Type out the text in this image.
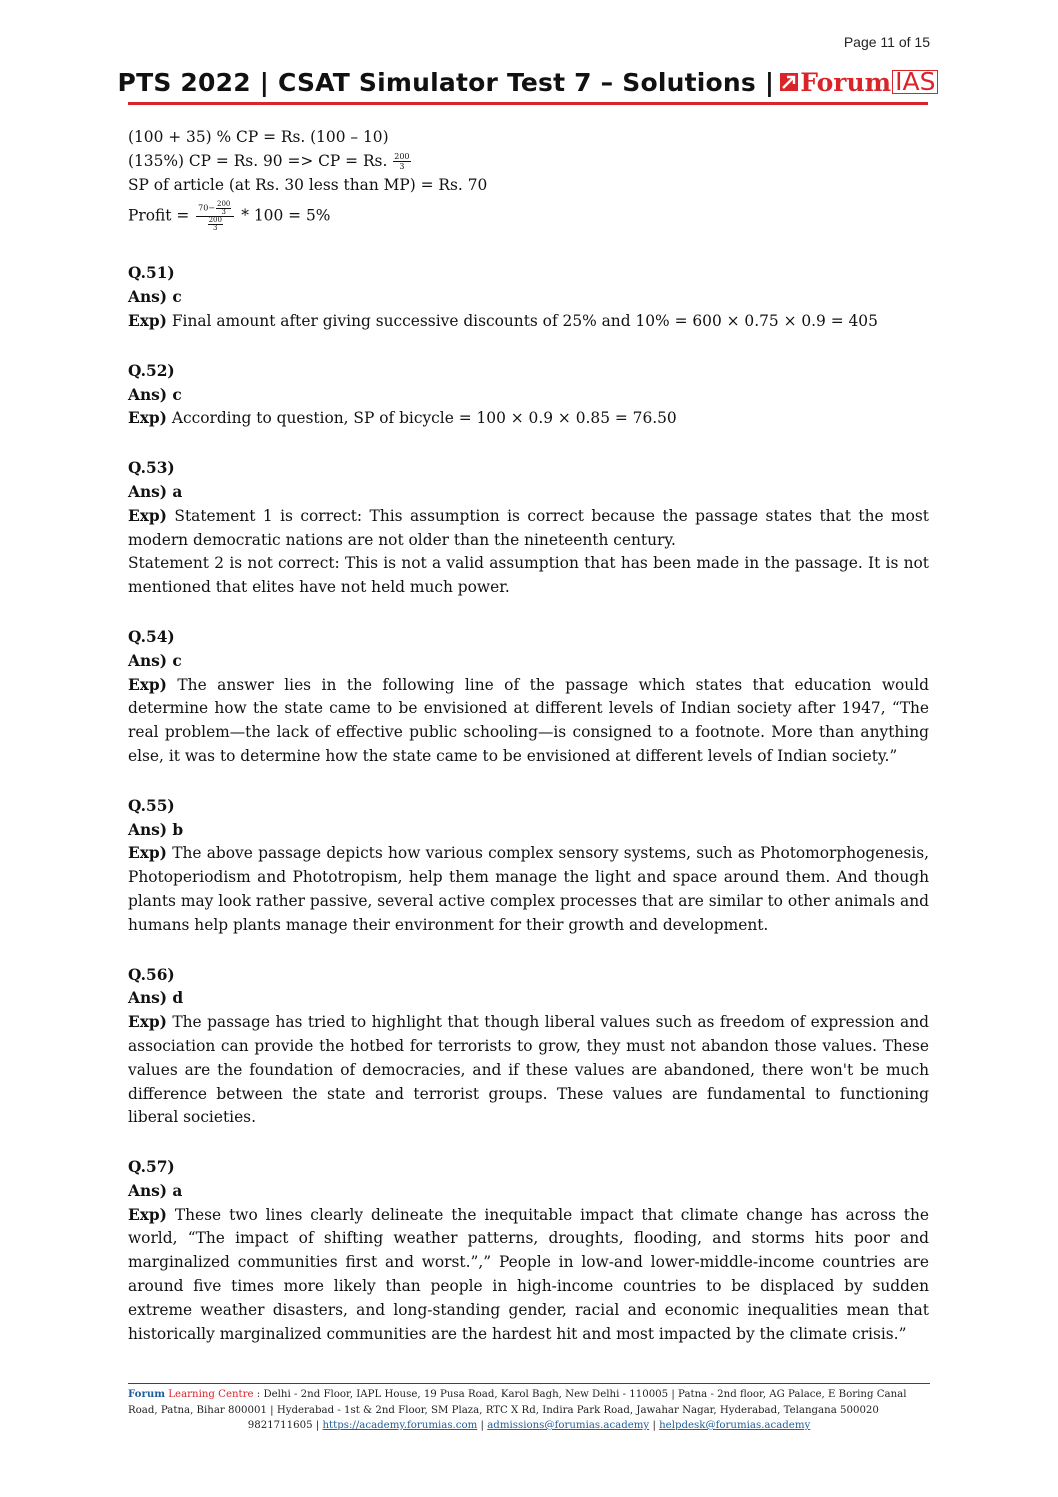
Page 11 of 15
PTS 2022 | CSAT Simulator Test 7 – Solutions | Forum IAS
(100 + 35) % CP = Rs. (100 – 10)
(135%) CP = Rs. 90 => CP = Rs. $\frac{200}{3}$
SP of article (at Rs. 30 less than MP) = Rs. 70
Profit = $\frac{70- \frac{200}{3}}{\frac{200}{3}} * 100 = 5\%$
Q.51)
Ans) c
Exp) Final amount after giving successive discounts of 25% and 10% = 600 × 0.75 × 0.9 = 405
Q.52)
Ans) c
Exp) According to question, SP of bicycle = 100 × 0.9 × 0.85 = 76.50
Q.53)
Ans) a
Exp) Statement 1 is correct: This assumption is correct because the passage states that the most modern democratic nations are not older than the nineteenth century.
Statement 2 is not correct: This is not a valid assumption that has been made in the passage. It is not mentioned that elites have not held much power.
Q.54)
Ans) c
Exp) The answer lies in the following line of the passage which states that education would determine how the state came to be envisioned at different levels of Indian society after 1947, “The real problem—the lack of effective public schooling—is consigned to a footnote. More than anything else, it was to determine how the state came to be envisioned at different levels of Indian society.”
Q.55)
Ans) b
Exp) The above passage depicts how various complex sensory systems, such as Photomorphogenesis, Photoperiodism and Phototropism, help them manage the light and space around them. And though plants may look rather passive, several active complex processes that are similar to other animals and humans help plants manage their environment for their growth and development.
Q.56)
Ans) d
Exp) The passage has tried to highlight that though liberal values such as freedom of expression and association can provide the hotbed for terrorists to grow, they must not abandon those values. These values are the foundation of democracies, and if these values are abandoned, there won't be much difference between the state and terrorist groups. These values are fundamental to functioning liberal societies.
Q.57)
Ans) a
Exp) These two lines clearly delineate the inequitable impact that climate change has across the world, “The impact of shifting weather patterns, droughts, flooding, and storms hits poor and marginalized communities first and worst.”,” People in low-and lower-middle-income countries are around five times more likely than people in high-income countries to be displaced by sudden extreme weather disasters, and long-standing gender, racial and economic inequalities mean that historically marginalized communities are the hardest hit and most impacted by the climate crisis.”
Forum Learning Centre : Delhi - 2nd Floor, IAPL House, 19 Pusa Road, Karol Bagh, New Delhi - 110005 | Patna - 2nd floor, AG Palace, E Boring Canal Road, Patna, Bihar 800001 | Hyderabad - 1st & 2nd Floor, SM Plaza, RTC X Rd, Indira Park Road, Jawahar Nagar, Hyderabad, Telangana 500020
9821711605 | https://academy.forumias.com | admissions@forumias.academy | helpdesk@forumias.academy
